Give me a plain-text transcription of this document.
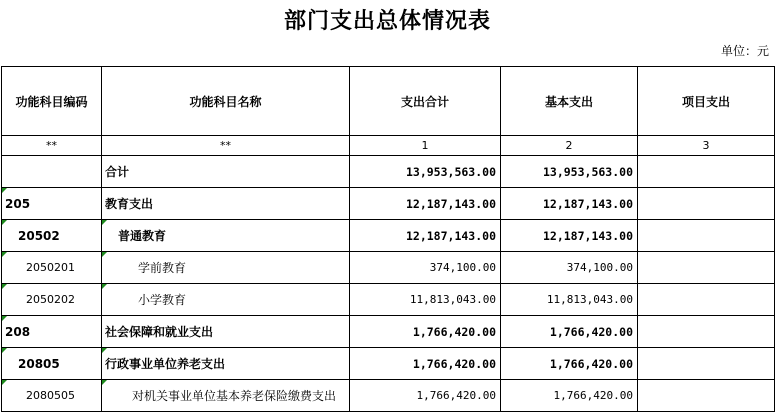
部门支出总体情况表
单位：元
功能科目编码	功能科目名称	支出合计	基本支出	项目支出
**	**	1	2	3
	合计	13,953,563.00	13,953,563.00	
205	教育支出	12,187,143.00	12,187,143.00	
20502	普通教育	12,187,143.00	12,187,143.00	
2050201	学前教育	374,100.00	374,100.00	
2050202	小学教育	11,813,043.00	11,813,043.00	
208	社会保障和就业支出	1,766,420.00	1,766,420.00	
20805	行政事业单位养老支出	1,766,420.00	1,766,420.00	
2080505	对机关事业单位基本养老保险缴费支出	1,766,420.00	1,766,420.00	
